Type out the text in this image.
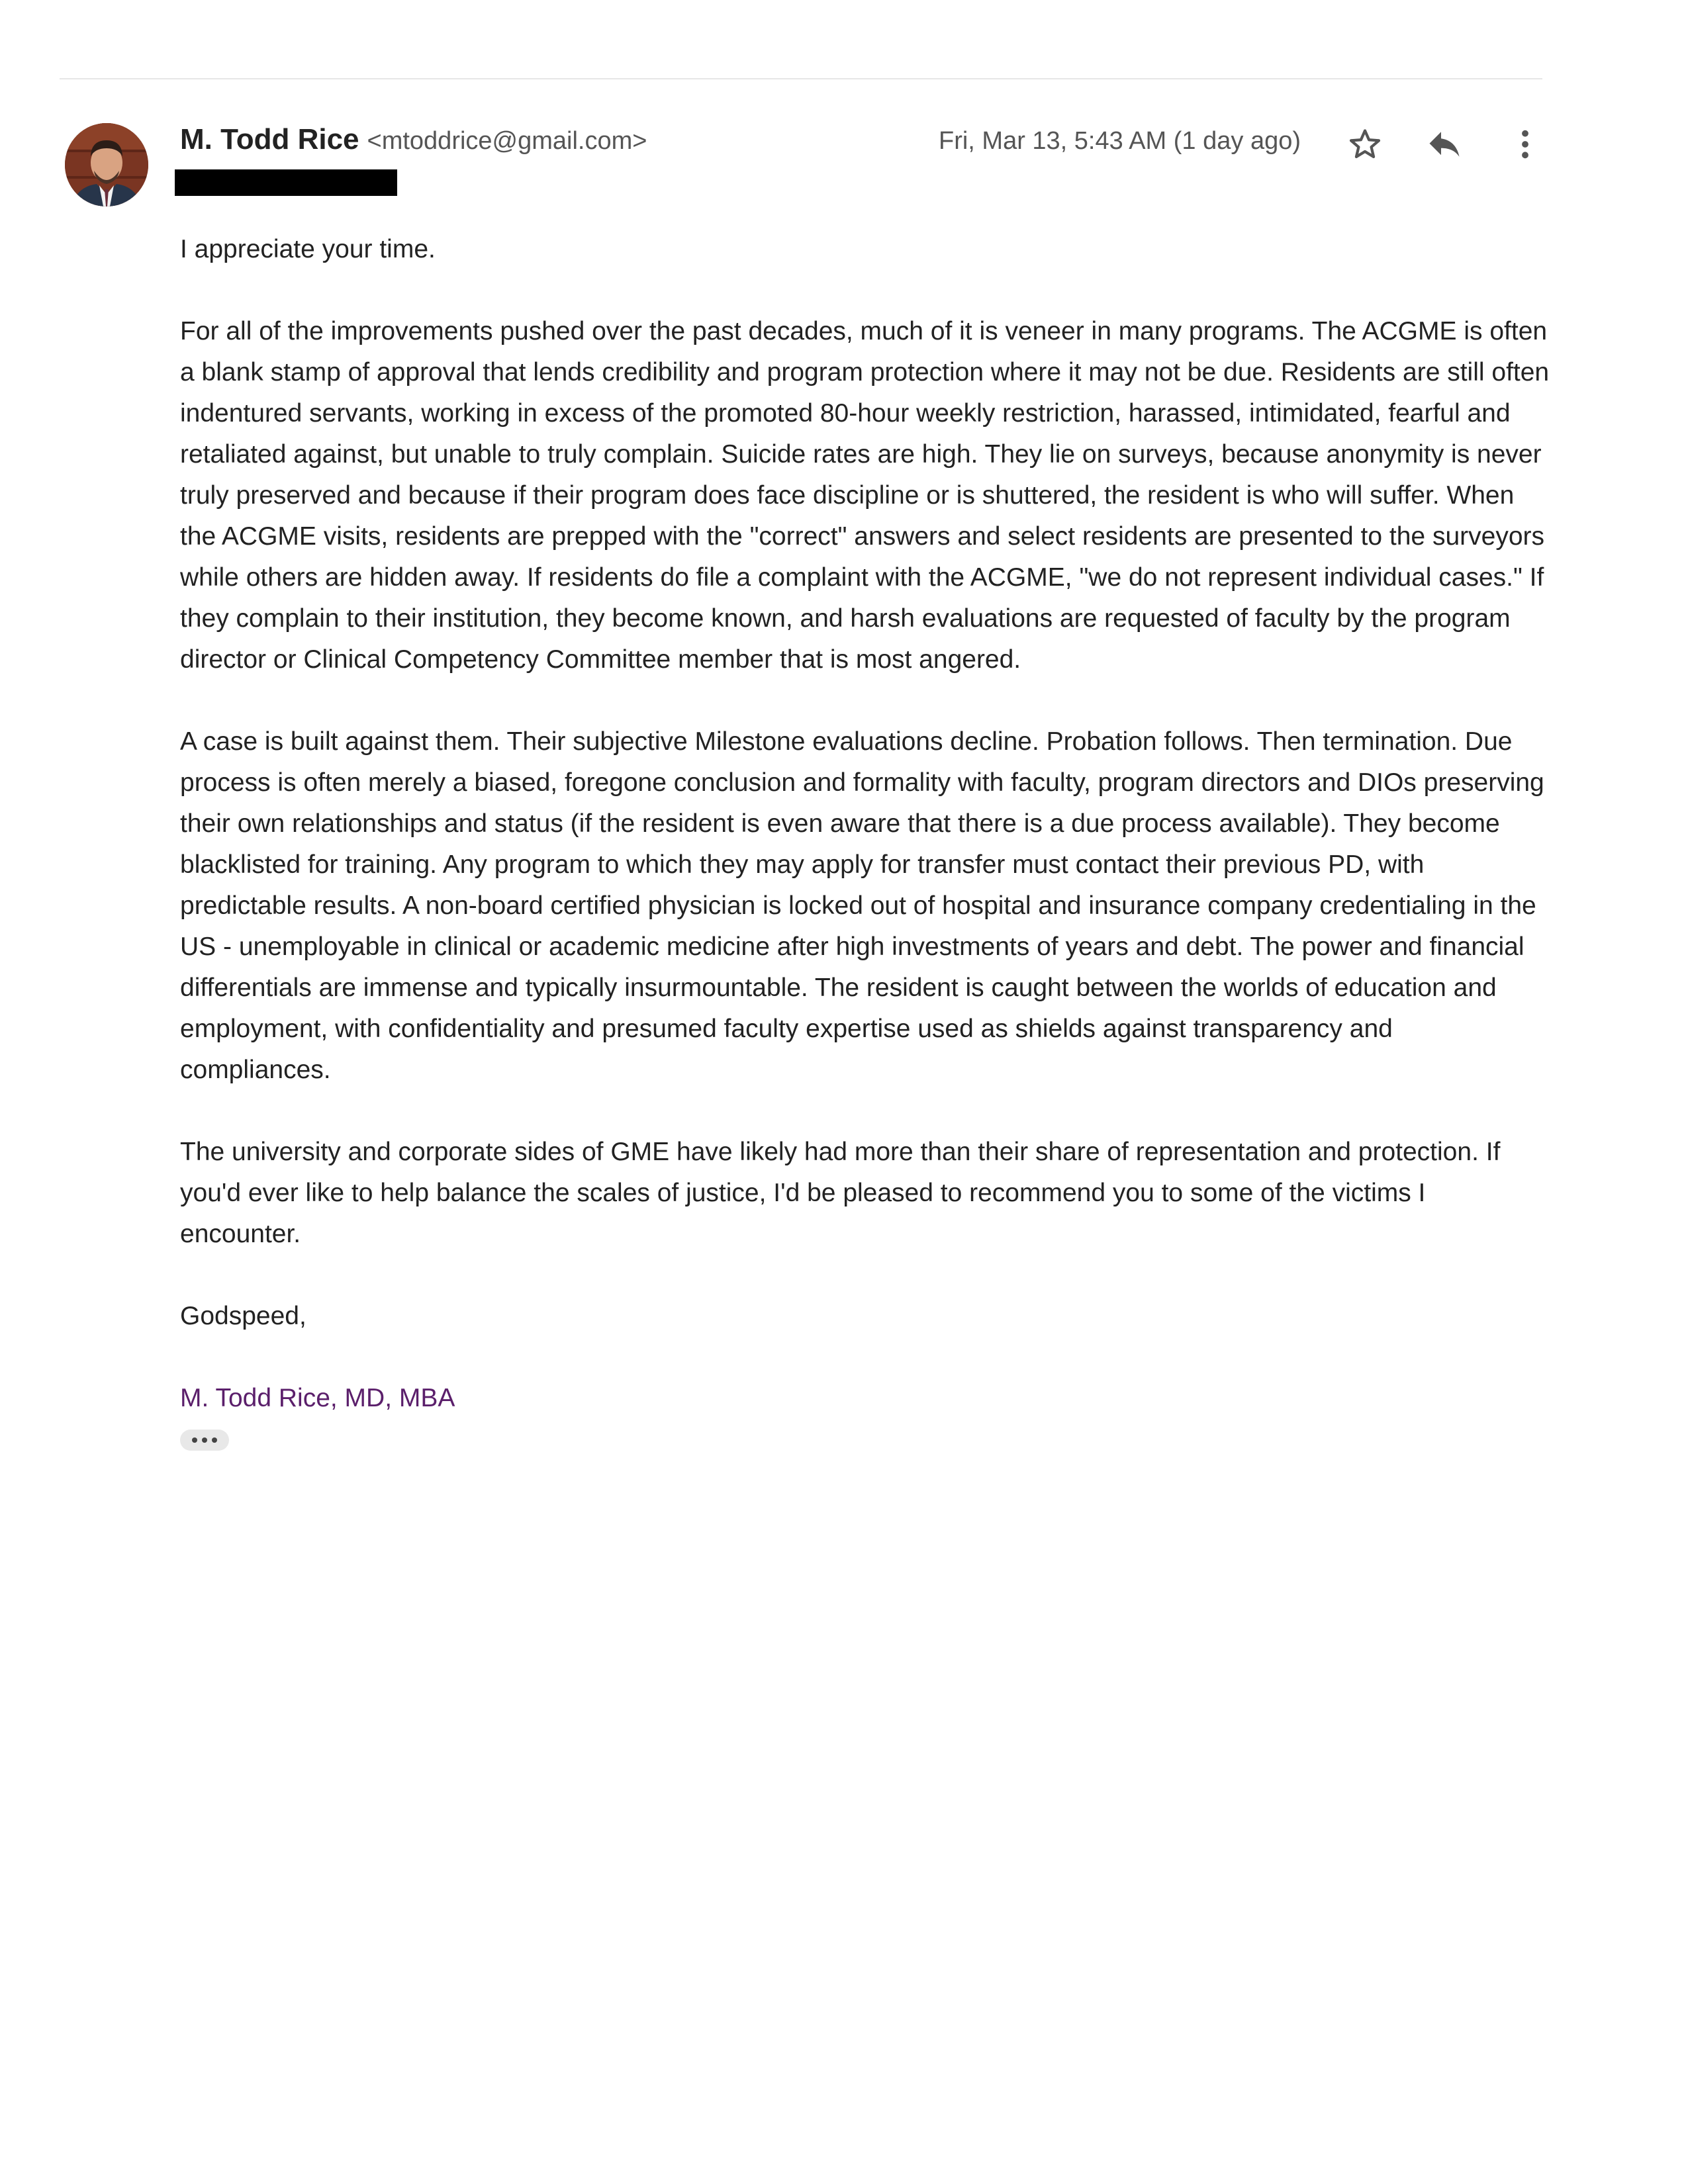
M. Todd Rice <mtoddrice@gmail.com>	Fri, Mar 13, 5:43 AM (1 day ago)

I appreciate your time.

For all of the improvements pushed over the past decades, much of it is veneer in many programs. The ACGME is often a blank stamp of approval that lends credibility and program protection where it may not be due. Residents are still often indentured servants, working in excess of the promoted 80-hour weekly restriction, harassed, intimidated, fearful and retaliated against, but unable to truly complain. Suicide rates are high. They lie on surveys, because anonymity is never truly preserved and because if their program does face discipline or is shuttered, the resident is who will suffer. When the ACGME visits, residents are prepped with the "correct" answers and select residents are presented to the surveyors while others are hidden away. If residents do file a complaint with the ACGME, "we do not represent individual cases." If they complain to their institution, they become known, and harsh evaluations are requested of faculty by the program director or Clinical Competency Committee member that is most angered.

A case is built against them. Their subjective Milestone evaluations decline. Probation follows. Then termination. Due process is often merely a biased, foregone conclusion and formality with faculty, program directors and DIOs preserving their own relationships and status (if the resident is even aware that there is a due process available). They become blacklisted for training. Any program to which they may apply for transfer must contact their previous PD, with predictable results. A non-board certified physician is locked out of hospital and insurance company credentialing in the US - unemployable in clinical or academic medicine after high investments of years and debt. The power and financial differentials are immense and typically insurmountable. The resident is caught between the worlds of education and employment, with confidentiality and presumed faculty expertise used as shields against transparency and compliances.

The university and corporate sides of GME have likely had more than their share of representation and protection. If you'd ever like to help balance the scales of justice, I'd be pleased to recommend you to some of the victims I encounter.

Godspeed,

M. Todd Rice, MD, MBA
